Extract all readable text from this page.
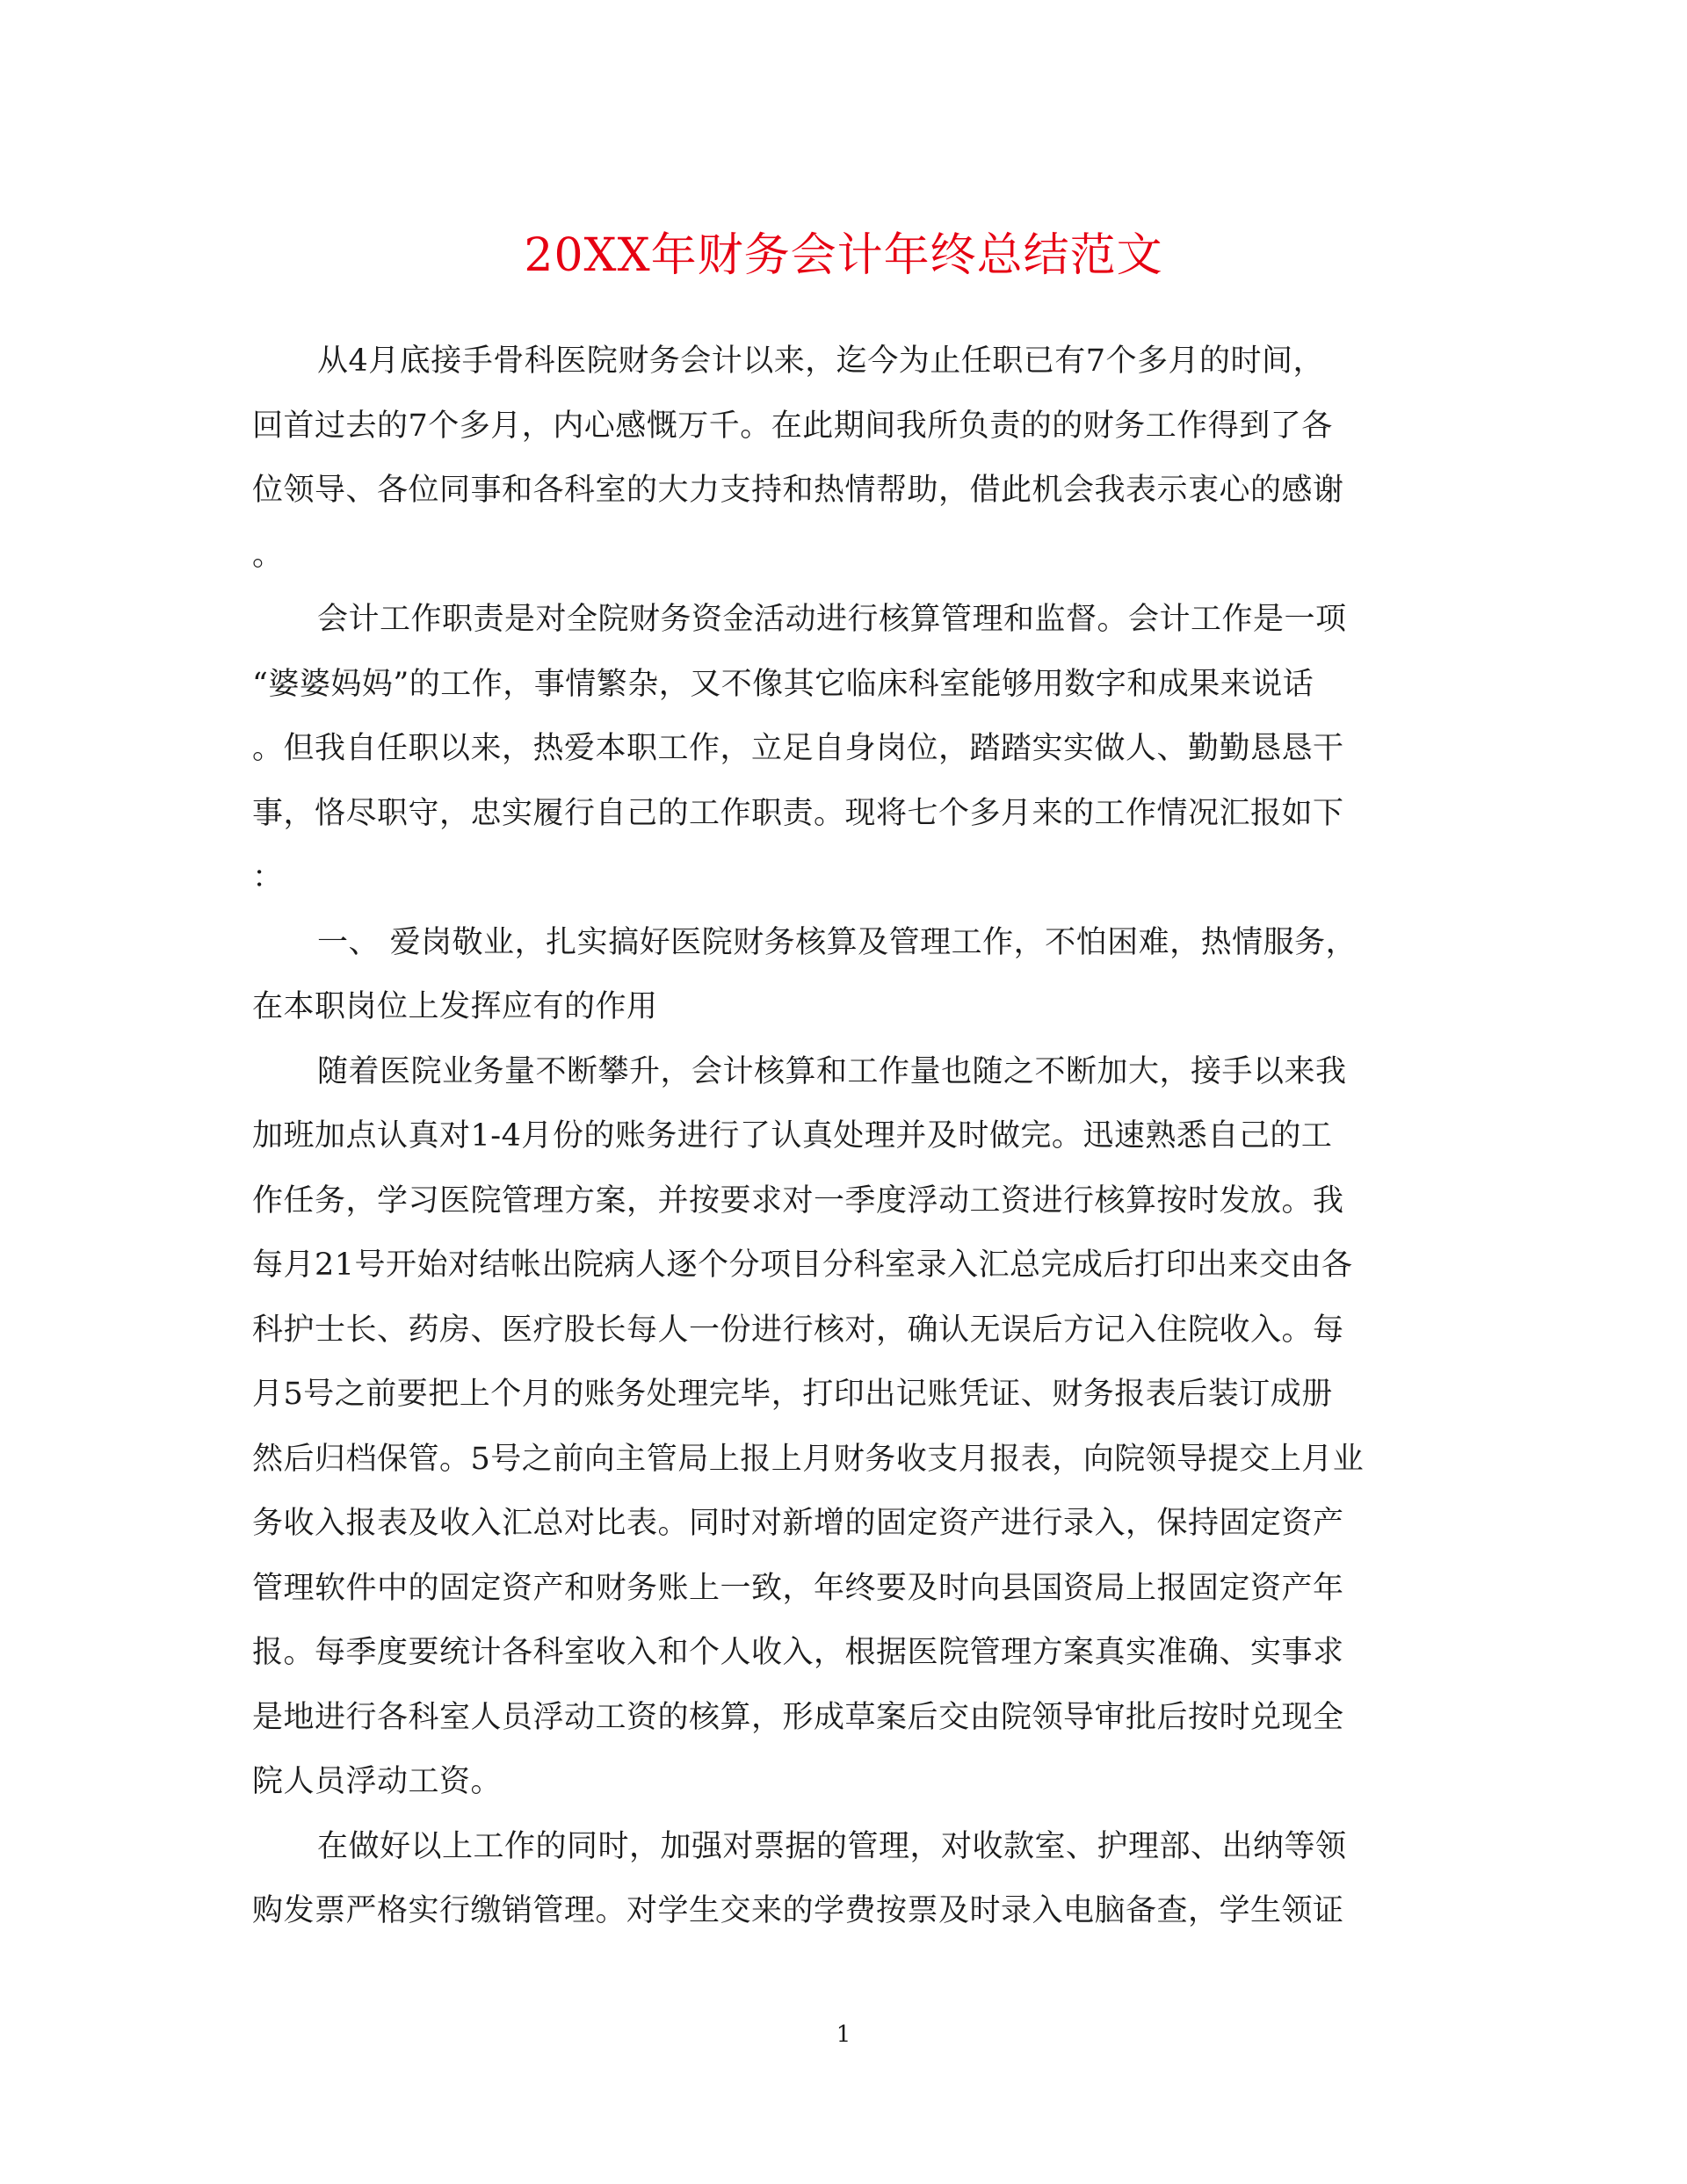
20XX年财务会计年终总结范文
从4月底接手骨科医院财务会计以来，迄今为止任职已有7个多月的时间，
回首过去的7个多月，内心感慨万千。在此期间我所负责的的财务工作得到了各
位领导、各位同事和各科室的大力支持和热情帮助，借此机会我表示衷心的感谢
。
会计工作职责是对全院财务资金活动进行核算管理和监督。会计工作是一项
“婆婆妈妈”的工作，事情繁杂，又不像其它临床科室能够用数字和成果来说话
。但我自任职以来，热爱本职工作，立足自身岗位，踏踏实实做人、勤勤恳恳干
事，恪尽职守，忠实履行自己的工作职责。现将七个多月来的工作情况汇报如下
：
一、 爱岗敬业，扎实搞好医院财务核算及管理工作，不怕困难，热情服务，
在本职岗位上发挥应有的作用
随着医院业务量不断攀升，会计核算和工作量也随之不断加大，接手以来我
加班加点认真对1-4月份的账务进行了认真处理并及时做完。迅速熟悉自己的工
作任务，学习医院管理方案，并按要求对一季度浮动工资进行核算按时发放。我
每月21号开始对结帐出院病人逐个分项目分科室录入汇总完成后打印出来交由各
科护士长、药房、医疗股长每人一份进行核对，确认无误后方记入住院收入。每
月5号之前要把上个月的账务处理完毕，打印出记账凭证、财务报表后装订成册
然后归档保管。5号之前向主管局上报上月财务收支月报表，向院领导提交上月业
务收入报表及收入汇总对比表。同时对新增的固定资产进行录入，保持固定资产
管理软件中的固定资产和财务账上一致，年终要及时向县国资局上报固定资产年
报。每季度要统计各科室收入和个人收入，根据医院管理方案真实准确、实事求
是地进行各科室人员浮动工资的核算，形成草案后交由院领导审批后按时兑现全
院人员浮动工资。
在做好以上工作的同时，加强对票据的管理，对收款室、护理部、出纳等领
购发票严格实行缴销管理。对学生交来的学费按票及时录入电脑备查，学生领证
1
